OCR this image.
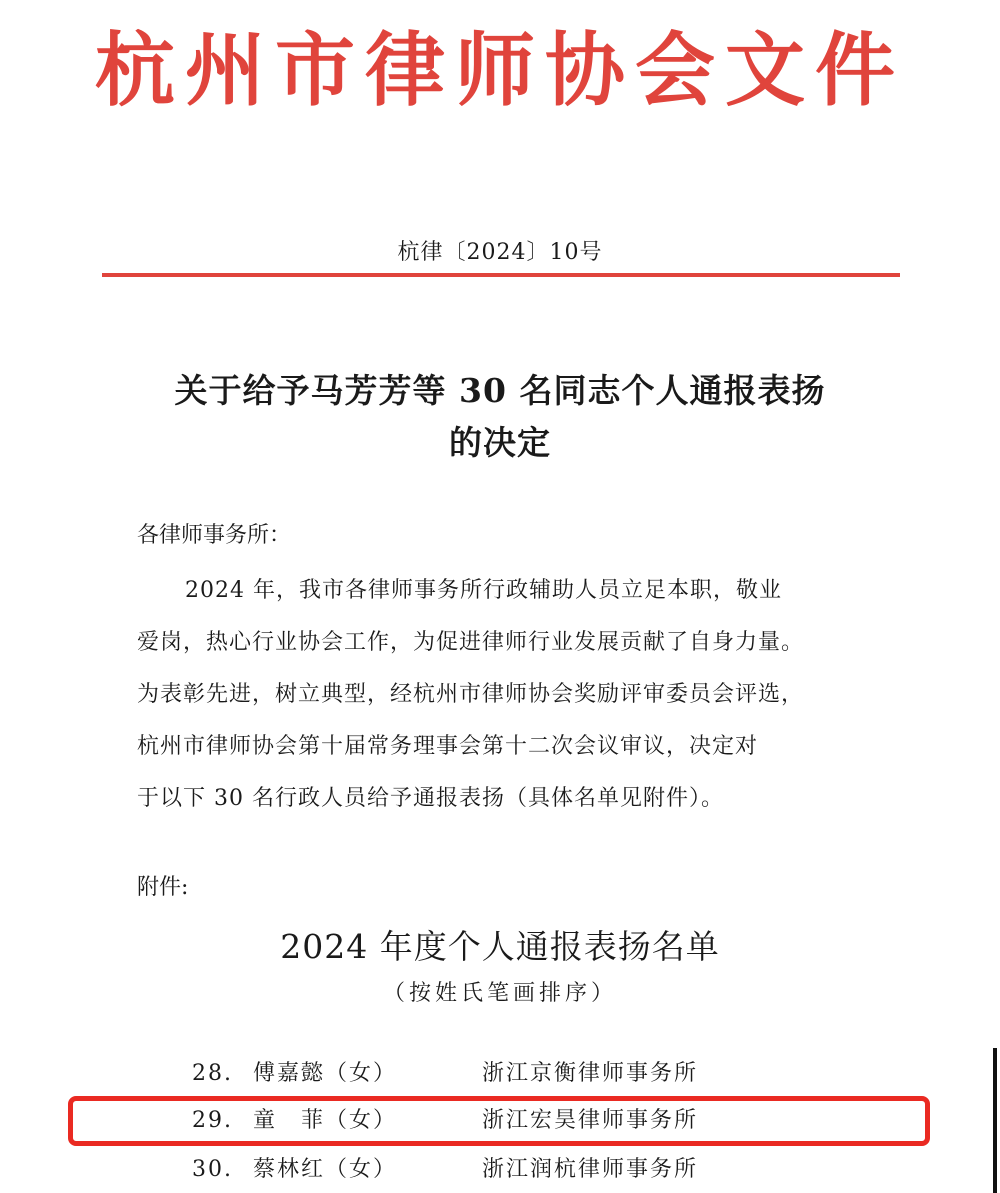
杭州市律师协会文件
杭律〔2024〕10号
关于给予马芳芳等 30 名同志个人通报表扬
的决定
各律师事务所：
2024 年，我市各律师事务所行政辅助人员立足本职，敬业
爱岗，热心行业协会工作，为促进律师行业发展贡献了自身力量。
为表彰先进，树立典型，经杭州市律师协会奖励评审委员会评选，
杭州市律师协会第十届常务理事会第十二次会议审议，决定对
于以下 30 名行政人员给予通报表扬（具体名单见附件）。
附件:
2024 年度个人通报表扬名单
（按姓氏笔画排序）
28. 傅嘉懿（女）	浙江京衡律师事务所
29. 童　菲（女）	浙江宏昊律师事务所
30. 蔡林红（女）	浙江润杭律师事务所
